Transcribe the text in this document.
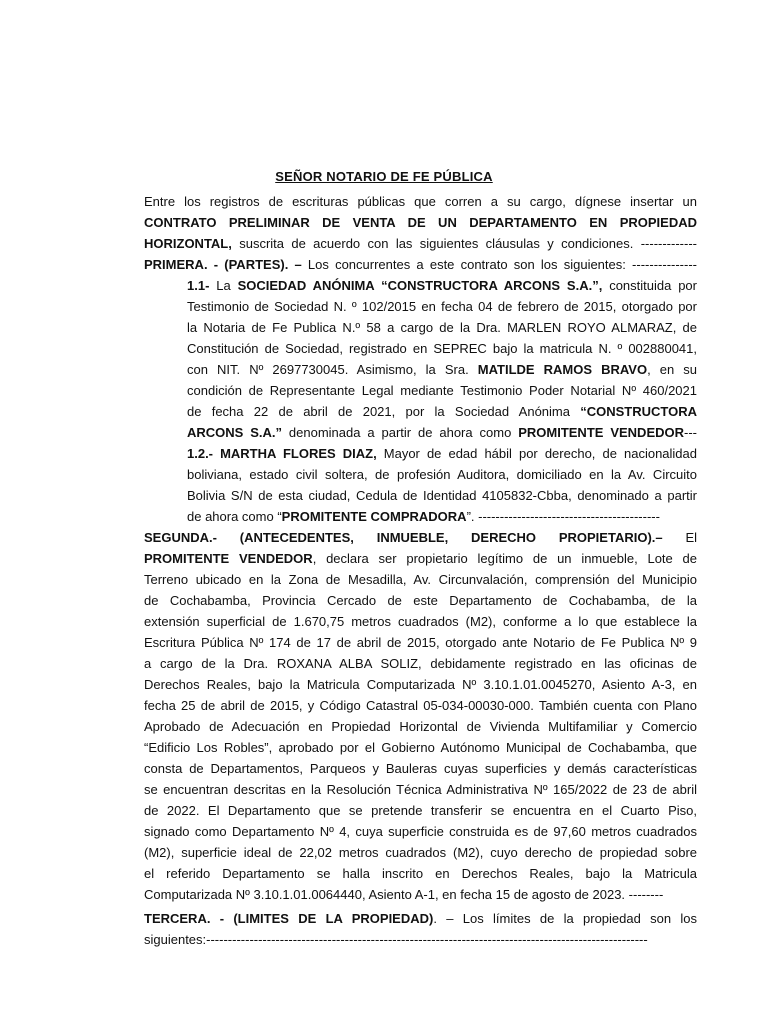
SEÑOR NOTARIO DE FE PÚBLICA
Entre los registros de escrituras públicas que corren a su cargo, dígnese insertar un
CONTRATO PRELIMINAR DE VENTA DE UN DEPARTAMENTO EN PROPIEDAD
HORIZONTAL, suscrita de acuerdo con las siguientes cláusulas y condiciones. -------------
PRIMERA. - (PARTES). – Los concurrentes a este contrato son los siguientes: ---------------
1.1- La SOCIEDAD ANÓNIMA “CONSTRUCTORA ARCONS S.A.”, constituida por
Testimonio de Sociedad N. º 102/2015 en fecha 04 de febrero de 2015, otorgado por
la Notaria de Fe Publica N.º 58 a cargo de la Dra. MARLEN ROYO ALMARAZ, de
Constitución de Sociedad, registrado en SEPREC bajo la matricula N. º 002880041,
con NIT. Nº 2697730045. Asimismo, la Sra. MATILDE RAMOS BRAVO, en su
condición de Representante Legal mediante Testimonio Poder Notarial Nº 460/2021
de fecha 22 de abril de 2021, por la Sociedad Anónima “CONSTRUCTORA
ARCONS S.A.” denominada a partir de ahora como PROMITENTE VENDEDOR---
1.2.- MARTHA FLORES DIAZ, Mayor de edad hábil por derecho, de nacionalidad
boliviana, estado civil soltera, de profesión Auditora, domiciliado en la Av. Circuito
Bolivia S/N de esta ciudad, Cedula de Identidad 4105832-Cbba, denominado a partir
de ahora como “PROMITENTE COMPRADORA”. ------------------------------------------
SEGUNDA.- (ANTECEDENTES, INMUEBLE, DERECHO PROPIETARIO).– El
PROMITENTE VENDEDOR, declara ser propietario legítimo de un inmueble, Lote de
Terreno ubicado en la Zona de Mesadilla, Av. Circunvalación, comprensión del Municipio
de Cochabamba, Provincia Cercado de este Departamento de Cochabamba, de la
extensión superficial de 1.670,75 metros cuadrados (M2), conforme a lo que establece la
Escritura Pública Nº 174 de 17 de abril de 2015, otorgado ante Notario de Fe Publica Nº 9
a cargo de la Dra. ROXANA ALBA SOLIZ, debidamente registrado en las oficinas de
Derechos Reales, bajo la Matricula Computarizada Nº 3.10.1.01.0045270, Asiento A-3, en
fecha 25 de abril de 2015, y Código Catastral 05-034-00030-000. También cuenta con Plano
Aprobado de Adecuación en Propiedad Horizontal de Vivienda Multifamiliar y Comercio
“Edificio Los Robles”, aprobado por el Gobierno Autónomo Municipal de Cochabamba, que
consta de Departamentos, Parqueos y Bauleras cuyas superficies y demás características
se encuentran descritas en la Resolución Técnica Administrativa Nº 165/2022 de 23 de abril
de 2022. El Departamento que se pretende transferir se encuentra en el Cuarto Piso,
signado como Departamento Nº 4, cuya superficie construida es de 97,60 metros cuadrados
(M2), superficie ideal de 22,02 metros cuadrados (M2), cuyo derecho de propiedad sobre
el referido Departamento se halla inscrito en Derechos Reales, bajo la Matricula
Computarizada Nº 3.10.1.01.0064440, Asiento A-1, en fecha 15 de agosto de 2023. --------
TERCERA. - (LIMITES DE LA PROPIEDAD). – Los límites de la propiedad son los
siguientes:------------------------------------------------------------------------------------------------------
